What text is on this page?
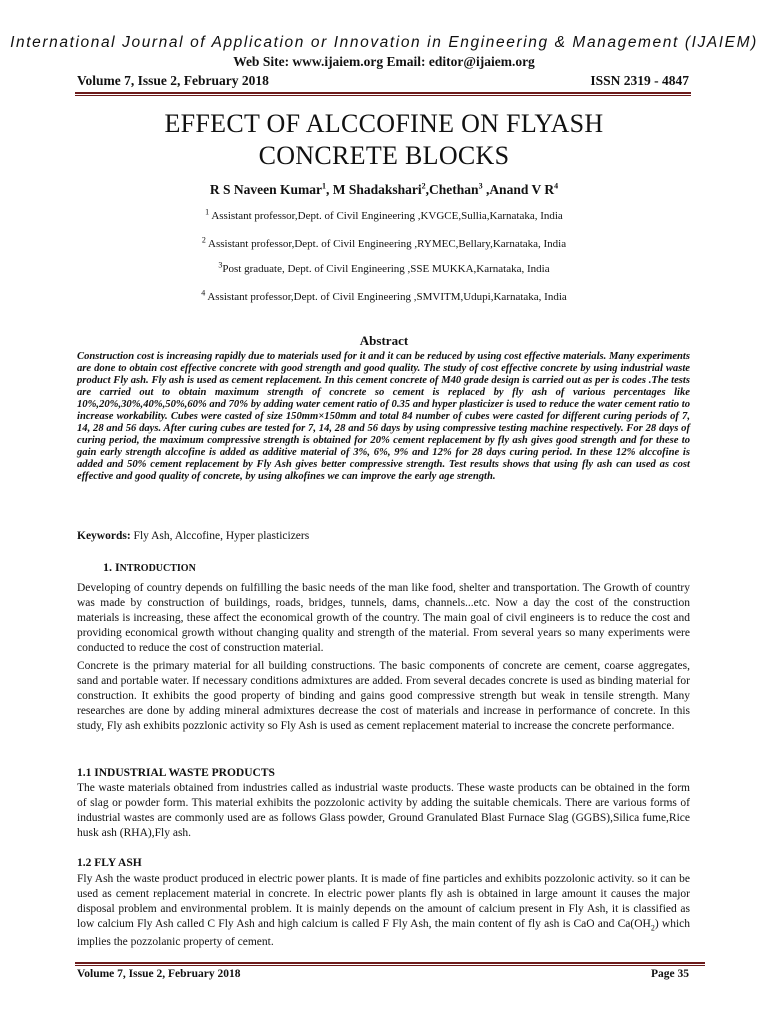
International Journal of Application or Innovation in Engineering & Management (IJAIEM)
Web Site: www.ijaiem.org Email: editor@ijaiem.org
Volume 7, Issue 2, February 2018	ISSN 2319 - 4847
EFFECT OF ALCCOFINE ON FLYASH
CONCRETE BLOCKS
R S Naveen Kumar$^1$, M Shadakshari$^2$,Chethan$^3$ ,Anand V $R^4$
$^1$ Assistant professor,Dept. of Civil Engineering ,KVGCE,Sullia,Karnataka, India
$^2$ Assistant professor,Dept. of Civil Engineering ,RYMEC,Bellary,Karnataka, India
$^3$Post graduate, Dept. of Civil Engineering ,SSE MUKKA,Karnataka, India
$^4$ Assistant professor,Dept. of Civil Engineering ,SMVITM,Udupi,Karnataka, India
Abstract
Construction cost is increasing rapidly due to materials used for it and it can be reduced by using cost effective materials. Many experiments are done to obtain cost effective concrete with good strength and good quality. The study of cost effective concrete by using industrial waste product Fly ash. Fly ash is used as cement replacement. In this cement concrete of M40 grade design is carried out as per is codes .The tests are carried out to obtain maximum strength of concrete so cement is replaced by fly ash of various percentages like 10%,20%,30%,40%,50%,60% and 70% by adding water cement ratio of 0.35 and hyper plasticizer is used to reduce the water cement ratio to increase workability. Cubes were casted of size 150mm×150mm and total 84 number of cubes were casted for different curing periods of 7, 14, 28 and 56 days. After curing cubes are tested for 7, 14, 28 and 56 days by using compressive testing machine respectively. For 28 days of curing period, the maximum compressive strength is obtained for 20% cement replacement by fly ash gives good strength and for these to gain early strength alccofine is added as additive material of 3%, 6%, 9% and 12% for 28 days curing period. In these 12% alccofine is added and 50% cement replacement by Fly Ash gives better compressive strength. Test results shows that using fly ash can used as cost effective and good quality of concrete, by using alkofines we can improve the early age strength.
Keywords: Fly Ash, Alccofine, Hyper plasticizers
1. INTRODUCTION
Developing of country depends on fulfilling the basic needs of the man like food, shelter and transportation. The Growth of country was made by construction of buildings, roads, bridges, tunnels, dams, channels...etc. Now a day the cost of the construction materials is increasing, these affect the economical growth of the country. The main goal of civil engineers is to reduce the cost and providing economical growth without changing quality and strength of the material. From several years so many experiments were conducted to reduce the cost of construction material.
Concrete is the primary material for all building constructions. The basic components of concrete are cement, coarse aggregates, sand and portable water. If necessary conditions admixtures are added. From several decades concrete is used as binding material for construction. It exhibits the good property of binding and gains good compressive strength but weak in tensile strength. Many researches are done by adding mineral admixtures decrease the cost of materials and increase in performance of concrete. In this study, Fly ash exhibits pozzlonic activity so Fly Ash is used as cement replacement material to increase the concrete performance.
1.1 INDUSTRIAL WASTE PRODUCTS
The waste materials obtained from industries called as industrial waste products. These waste products can be obtained in the form of slag or powder form. This material exhibits the pozzolonic activity by adding the suitable chemicals. There are various forms of industrial wastes are commonly used are as follows Glass powder, Ground Granulated Blast Furnace Slag (GGBS),Silica fume,Rice husk ash (RHA),Fly ash.
1.2 FLY ASH
Fly Ash the waste product produced in electric power plants. It is made of fine particles and exhibits pozzolonic activity. so it can be used as cement replacement material in concrete. In electric power plants fly ash is obtained in large amount it causes the major disposal problem and environmental problem. It is mainly depends on the amount of calcium present in Fly Ash, it is classified as low calcium Fly Ash called C Fly Ash and high calcium is called F Fly Ash, the main content of fly ash is CaO and $Ca(OH_2)$ which implies the pozzolanic property of cement.
Volume 7, Issue 2, February 2018	Page 35
